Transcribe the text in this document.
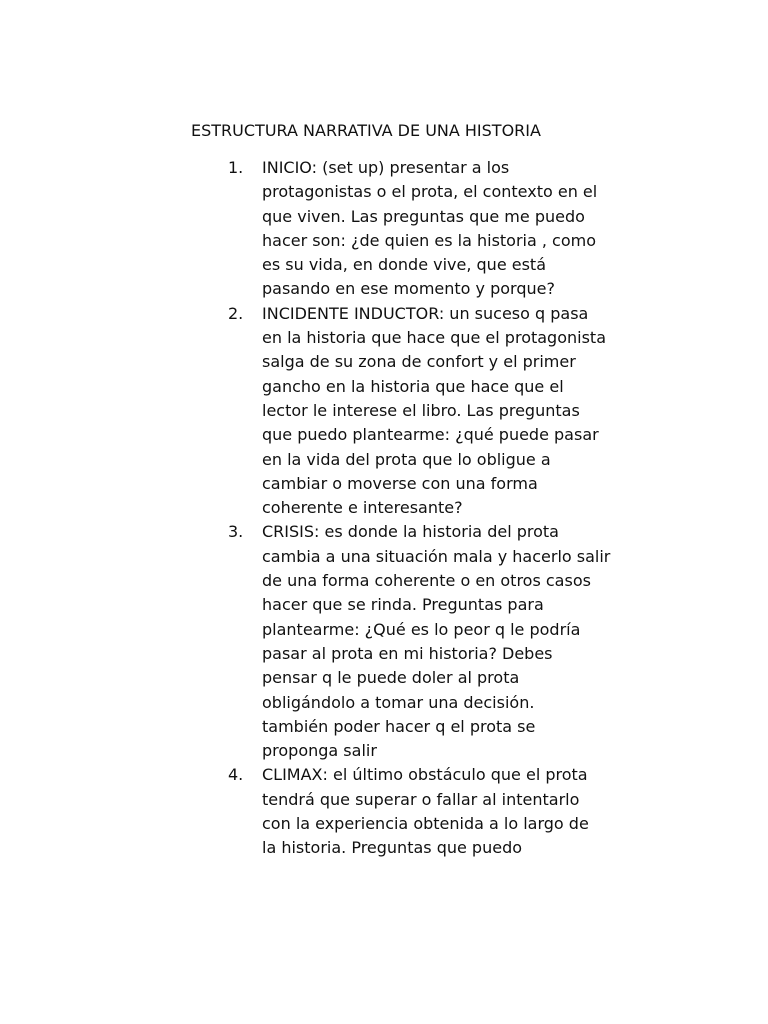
ESTRUCTURA NARRATIVA DE UNA HISTORIA
1. INICIO: (set up) presentar a los
protagonistas o el prota, el contexto en el
que viven. Las preguntas que me puedo
hacer son: ¿de quien es la historia , como
es su vida, en donde vive, que está
pasando en ese momento y porque?
2. INCIDENTE INDUCTOR: un suceso q pasa
en la historia que hace que el protagonista
salga de su zona de confort y el primer
gancho en la historia que hace que el
lector le interese el libro. Las preguntas
que puedo plantearme: ¿qué puede pasar
en la vida del prota que lo obligue a
cambiar o moverse con una forma
coherente e interesante?
3. CRISIS: es donde la historia del prota
cambia a una situación mala y hacerlo salir
de una forma coherente o en otros casos
hacer que se rinda. Preguntas para
plantearme: ¿Qué es lo peor q le podría
pasar al prota en mi historia? Debes
pensar q le puede doler al prota
obligándolo a tomar una decisión.
también poder hacer q el prota se
proponga salir
4. CLIMAX: el último obstáculo que el prota
tendrá que superar o fallar al intentarlo
con la experiencia obtenida a lo largo de
la historia. Preguntas que puedo
